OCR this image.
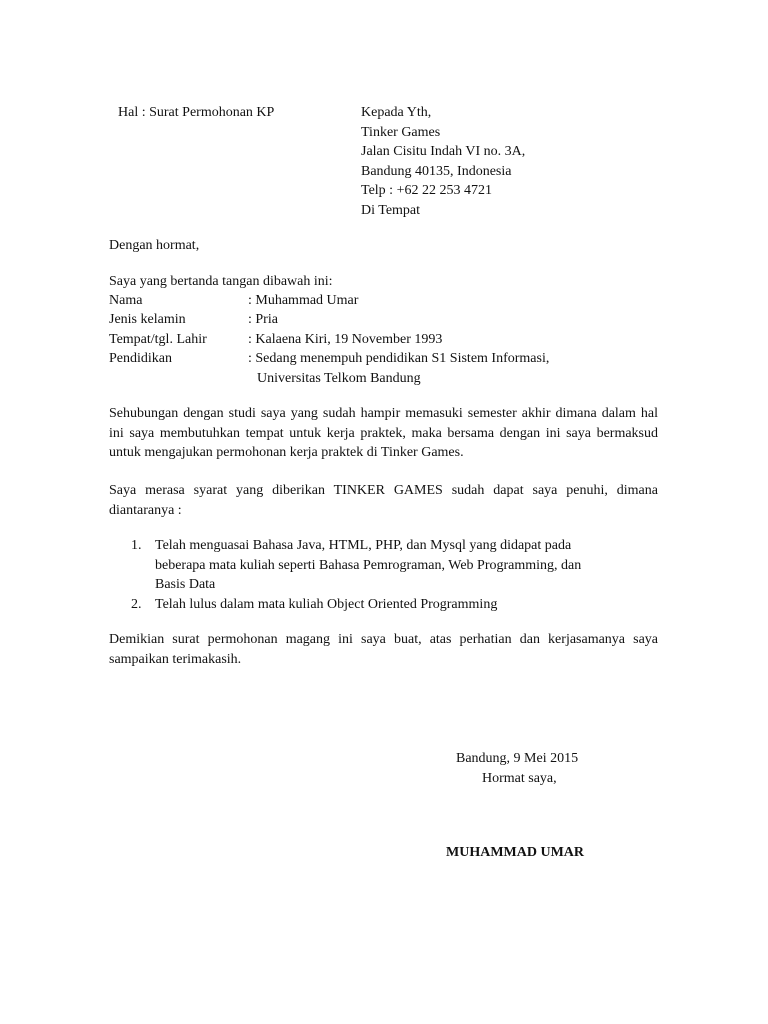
Hal : Surat Permohonan KP	Kepada Yth,
Tinker Games
Jalan Cisitu Indah VI no. 3A,
Bandung 40135, Indonesia
Telp : +62 22 253 4721
Di Tempat
Dengan hormat,
Saya yang bertanda tangan dibawah ini:
Nama	: Muhammad Umar
Jenis kelamin	: Pria
Tempat/tgl. Lahir	: Kalaena Kiri, 19 November 1993
Pendidikan	: Sedang menempuh pendidikan S1 Sistem Informasi,
Universitas Telkom Bandung
Sehubungan dengan studi saya yang sudah hampir memasuki semester akhir dimana dalam hal ini saya membutuhkan tempat untuk kerja praktek, maka bersama dengan ini saya bermaksud untuk mengajukan permohonan kerja praktek di Tinker Games.
Saya merasa syarat yang diberikan TINKER GAMES sudah dapat saya penuhi, dimana diantaranya :
1. Telah menguasai Bahasa Java, HTML, PHP, dan Mysql yang didapat pada beberapa mata kuliah seperti Bahasa Pemrograman, Web Programming, dan Basis Data
2. Telah lulus dalam mata kuliah Object Oriented Programming
Demikian surat permohonan magang ini saya buat, atas perhatian dan kerjasamanya saya sampaikan terimakasih.
Bandung, 9 Mei 2015
Hormat saya,
MUHAMMAD UMAR
